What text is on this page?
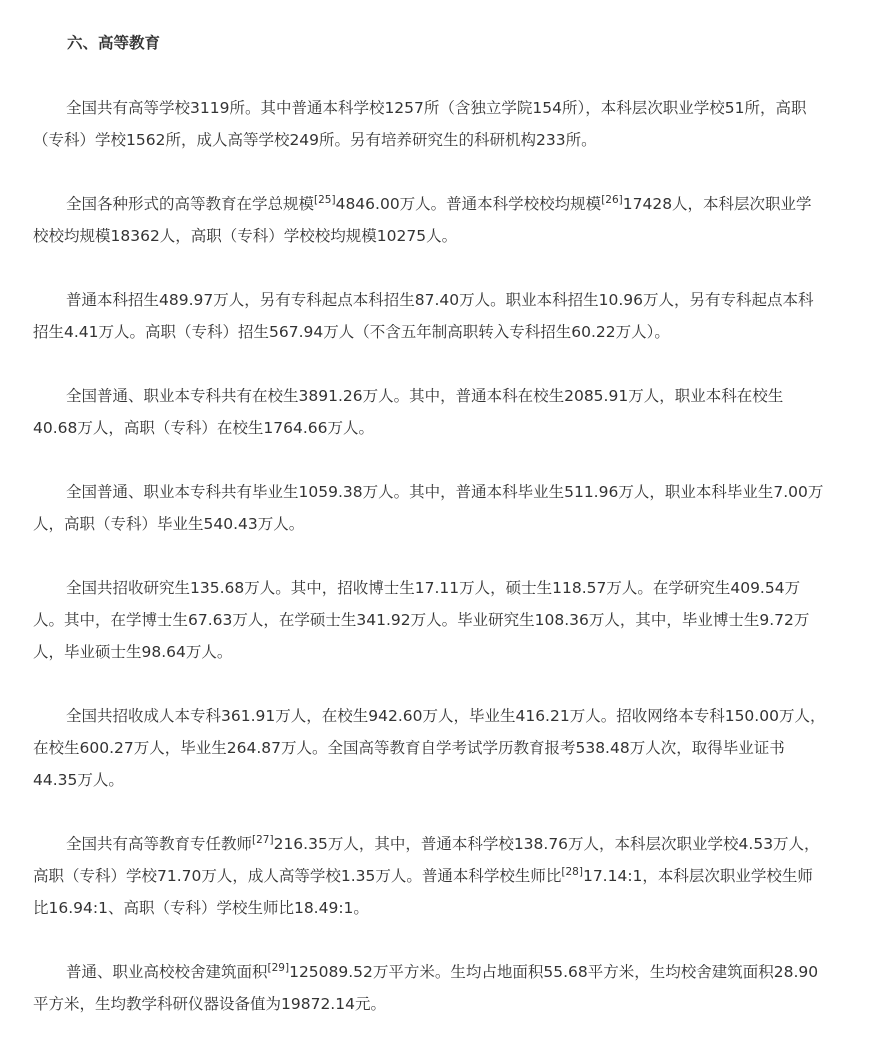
六、高等教育
全国共有高等学校3119所。其中普通本科学校1257所（含独立学院154所），本科层次职业学校51所，高职
（专科）学校1562所，成人高等学校249所。另有培养研究生的科研机构233所。
全国各种形式的高等教育在学总规模[25]4846.00万人。普通本科学校校均规模[26]17428人，本科层次职业学
校校均规模18362人，高职（专科）学校校均规模10275人。
普通本科招生489.97万人，另有专科起点本科招生87.40万人。职业本科招生10.96万人，另有专科起点本科
招生4.41万人。高职（专科）招生567.94万人（不含五年制高职转入专科招生60.22万人）。
全国普通、职业本专科共有在校生3891.26万人。其中，普通本科在校生2085.91万人，职业本科在校生
40.68万人，高职（专科）在校生1764.66万人。
全国普通、职业本专科共有毕业生1059.38万人。其中，普通本科毕业生511.96万人，职业本科毕业生7.00万
人，高职（专科）毕业生540.43万人。
全国共招收研究生135.68万人。其中，招收博士生17.11万人，硕士生118.57万人。在学研究生409.54万
人。其中，在学博士生67.63万人，在学硕士生341.92万人。毕业研究生108.36万人，其中，毕业博士生9.72万
人，毕业硕士生98.64万人。
全国共招收成人本专科361.91万人，在校生942.60万人，毕业生416.21万人。招收网络本专科150.00万人，
在校生600.27万人，毕业生264.87万人。全国高等教育自学考试学历教育报考538.48万人次，取得毕业证书
44.35万人。
全国共有高等教育专任教师[27]216.35万人，其中，普通本科学校138.76万人，本科层次职业学校4.53万人，
高职（专科）学校71.70万人，成人高等学校1.35万人。普通本科学校生师比[28]17.14:1，本科层次职业学校生师
比16.94:1、高职（专科）学校生师比18.49:1。
普通、职业高校校舍建筑面积[29]125089.52万平方米。生均占地面积55.68平方米，生均校舍建筑面积28.90
平方米，生均教学科研仪器设备值为19872.14元。
